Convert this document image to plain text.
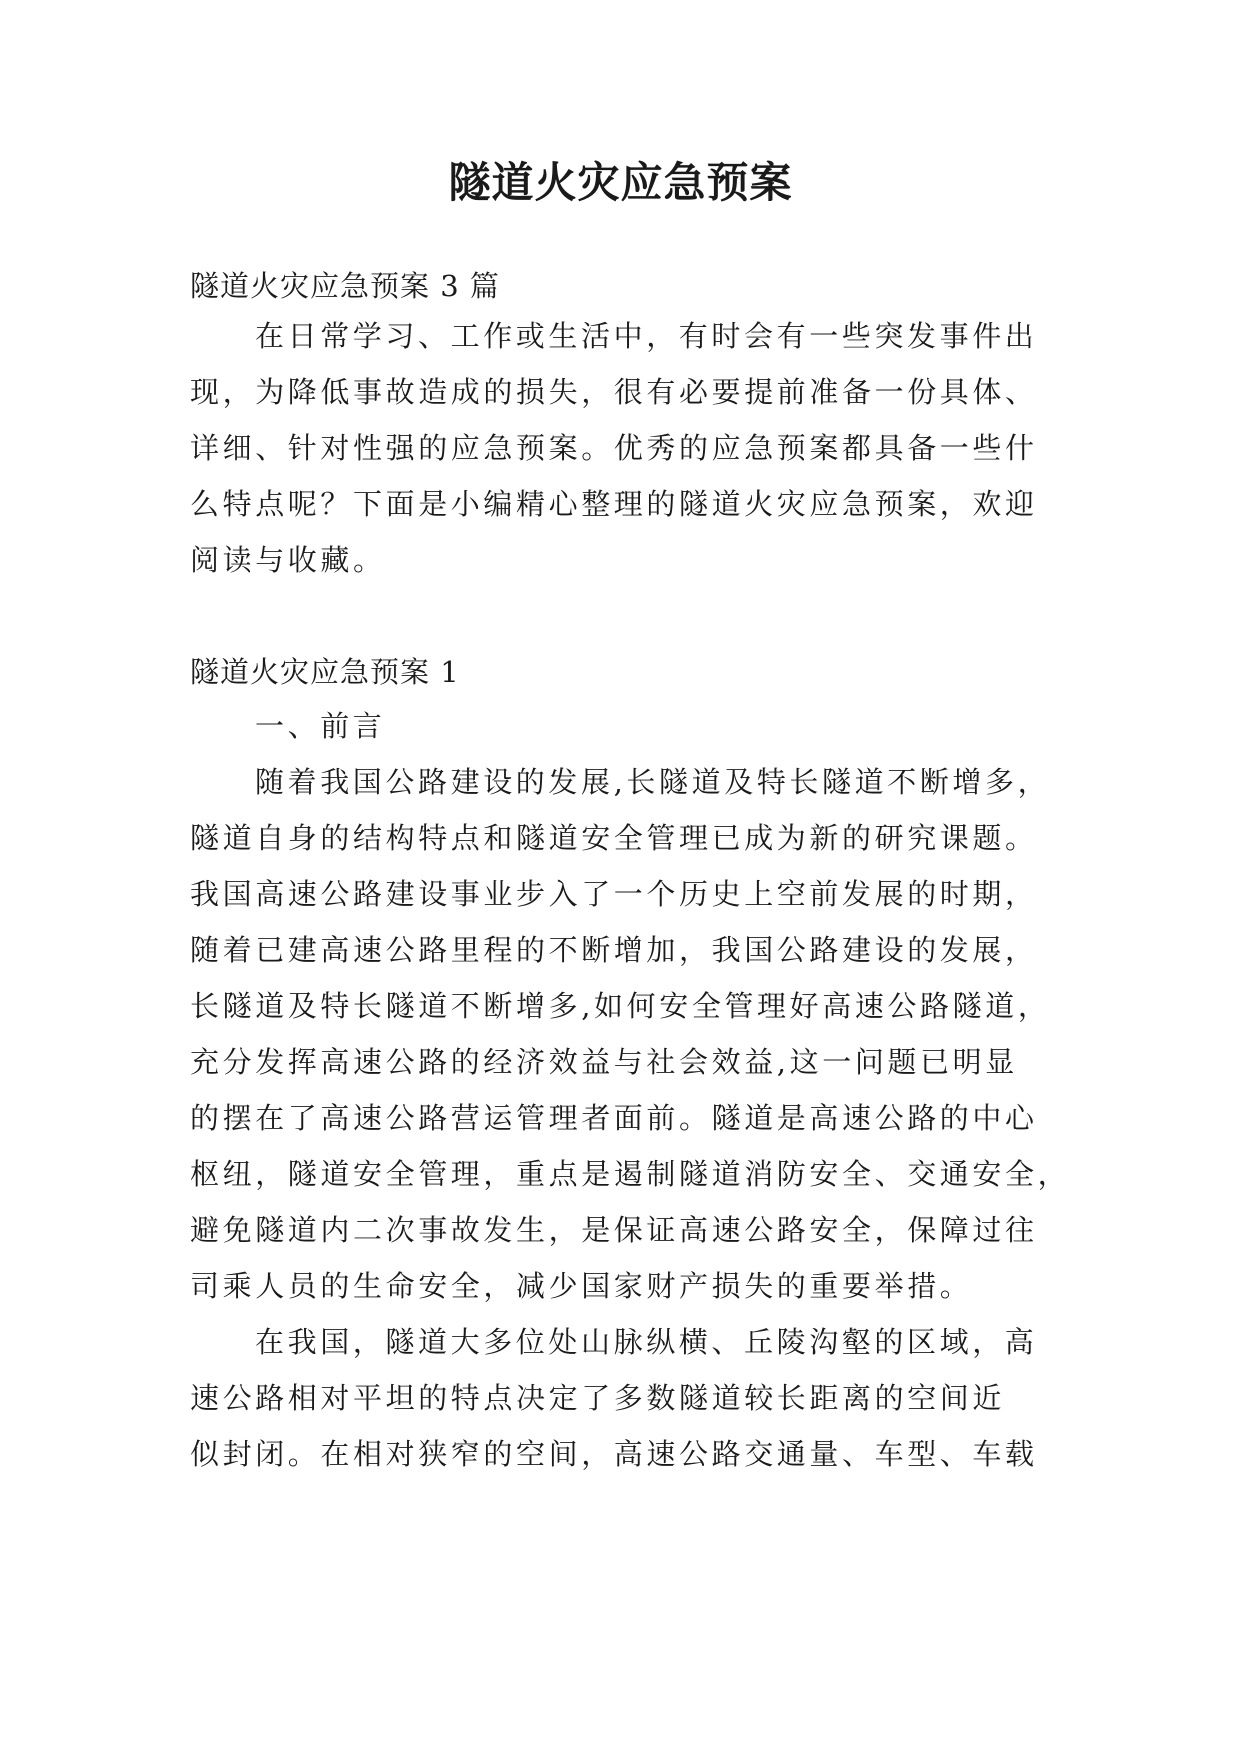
隧道火灾应急预案
隧道火灾应急预案 3 篇
在日常学习、工作或生活中，有时会有一些突发事件出
现，为降低事故造成的损失，很有必要提前准备一份具体、
详细、针对性强的应急预案。优秀的应急预案都具备一些什
么特点呢？下面是小编精心整理的隧道火灾应急预案，欢迎
阅读与收藏。
隧道火灾应急预案 1
一、前言
随着我国公路建设的发展,长隧道及特长隧道不断增多，
隧道自身的结构特点和隧道安全管理已成为新的研究课题。
我国高速公路建设事业步入了一个历史上空前发展的时期，
随着已建高速公路里程的不断增加，我国公路建设的发展，
长隧道及特长隧道不断增多,如何安全管理好高速公路隧道，
充分发挥高速公路的经济效益与社会效益,这一问题已明显
的摆在了高速公路营运管理者面前。隧道是高速公路的中心
枢纽，隧道安全管理，重点是遏制隧道消防安全、交通安全，
避免隧道内二次事故发生，是保证高速公路安全，保障过往
司乘人员的生命安全，减少国家财产损失的重要举措。
在我国，隧道大多位处山脉纵横、丘陵沟壑的区域，高
速公路相对平坦的特点决定了多数隧道较长距离的空间近
似封闭。在相对狭窄的空间，高速公路交通量、车型、车载
